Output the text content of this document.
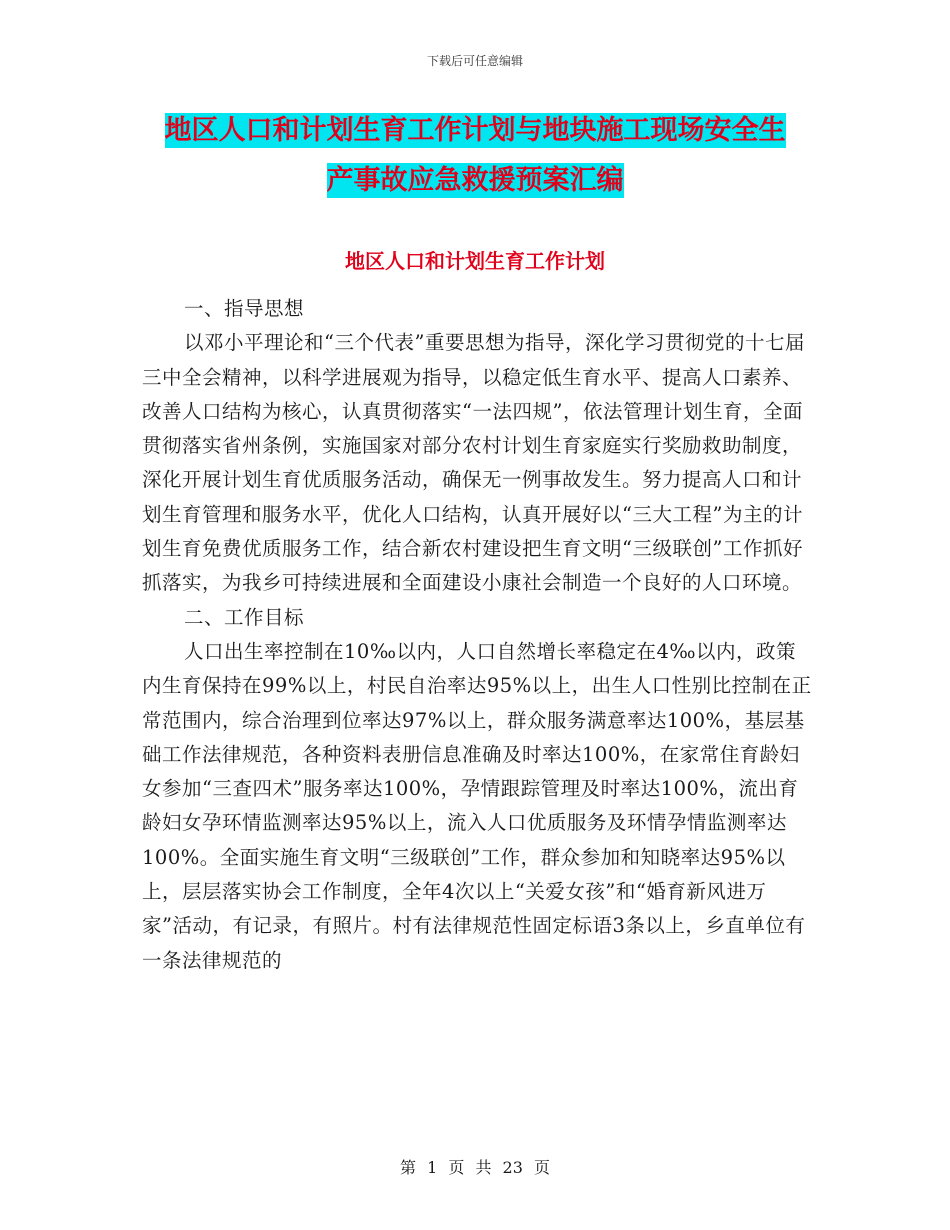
下载后可任意编辑
地区人口和计划生育工作计划与地块施工现场安全生
产事故应急救援预案汇编
地区人口和计划生育工作计划

一、指导思想

以邓小平理论和“三个代表”重要思想为指导，深化学习贯彻党的十七届三中全会精神，以科学进展观为指导，以稳定低生育水平、提高人口素养、改善人口结构为核心，认真贯彻落实“一法四规”，依法管理计划生育，全面贯彻落实省州条例，实施国家对部分农村计划生育家庭实行奖励救助制度，深化开展计划生育优质服务活动，确保无一例事故发生。努力提高人口和计划生育管理和服务水平，优化人口结构，认真开展好以“三大工程”为主的计划生育免费优质服务工作，结合新农村建设把生育文明“三级联创”工作抓好抓落实，为我乡可持续进展和全面建设小康社会制造一个良好的人口环境。

二、工作目标

人口出生率控制在10‰以内，人口自然增长率稳定在4‰以内，政策内生育保持在99%以上，村民自治率达95%以上，出生人口性别比控制在正常范围内，综合治理到位率达97%以上，群众服务满意率达100%，基层基础工作法律规范，各种资料表册信息准确及时率达100%，在家常住育龄妇女参加“三查四术”服务率达100%，孕情跟踪管理及时率达100%，流出育龄妇女孕环情监测率达95%以上，流入人口优质服务及环情孕情监测率达100%。全面实施生育文明“三级联创”工作，群众参加和知晓率达95%以上，层层落实协会工作制度，全年4次以上“关爱女孩”和“婚育新风进万家”活动，有记录，有照片。村有法律规范性固定标语3条以上，乡直单位有一条法律规范的

第 1 页 共 23 页
